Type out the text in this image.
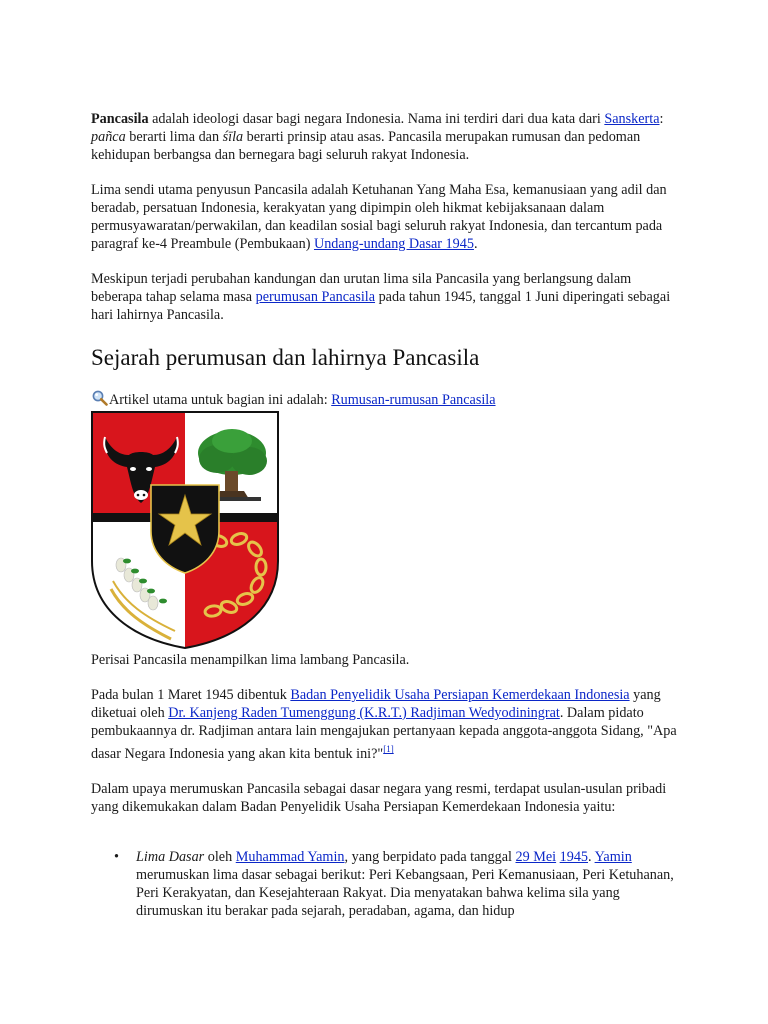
Pancasila adalah ideologi dasar bagi negara Indonesia. Nama ini terdiri dari dua kata dari Sanskerta: pañca berarti lima dan śīla berarti prinsip atau asas. Pancasila merupakan rumusan dan pedoman kehidupan berbangsa dan bernegara bagi seluruh rakyat Indonesia.

Lima sendi utama penyusun Pancasila adalah Ketuhanan Yang Maha Esa, kemanusiaan yang adil dan beradab, persatuan Indonesia, kerakyatan yang dipimpin oleh hikmat kebijaksanaan dalam permusyawaratan/perwakilan, dan keadilan sosial bagi seluruh rakyat Indonesia, dan tercantum pada paragraf ke-4 Preambule (Pembukaan) Undang-undang Dasar 1945.

Meskipun terjadi perubahan kandungan dan urutan lima sila Pancasila yang berlangsung dalam beberapa tahap selama masa perumusan Pancasila pada tahun 1945, tanggal 1 Juni diperingati sebagai hari lahirnya Pancasila.

Sejarah perumusan dan lahirnya Pancasila
Artikel utama untuk bagian ini adalah: Rumusan-rumusan Pancasila

Perisai Pancasila menampilkan lima lambang Pancasila.

Pada bulan 1 Maret 1945 dibentuk Badan Penyelidik Usaha Persiapan Kemerdekaan Indonesia yang diketuai oleh Dr. Kanjeng Raden Tumenggung (K.R.T.) Radjiman Wedyodiningrat. Dalam pidato pembukaannya dr. Radjiman antara lain mengajukan pertanyaan kepada anggota-anggota Sidang, "Apa dasar Negara Indonesia yang akan kita bentuk ini?"[1]

Dalam upaya merumuskan Pancasila sebagai dasar negara yang resmi, terdapat usulan-usulan pribadi yang dikemukakan dalam Badan Penyelidik Usaha Persiapan Kemerdekaan Indonesia yaitu:

• Lima Dasar oleh Muhammad Yamin, yang berpidato pada tanggal 29 Mei 1945. Yamin merumuskan lima dasar sebagai berikut: Peri Kebangsaan, Peri Kemanusiaan, Peri Ketuhanan, Peri Kerakyatan, dan Kesejahteraan Rakyat. Dia menyatakan bahwa kelima sila yang dirumuskan itu berakar pada sejarah, peradaban, agama, dan hidup
